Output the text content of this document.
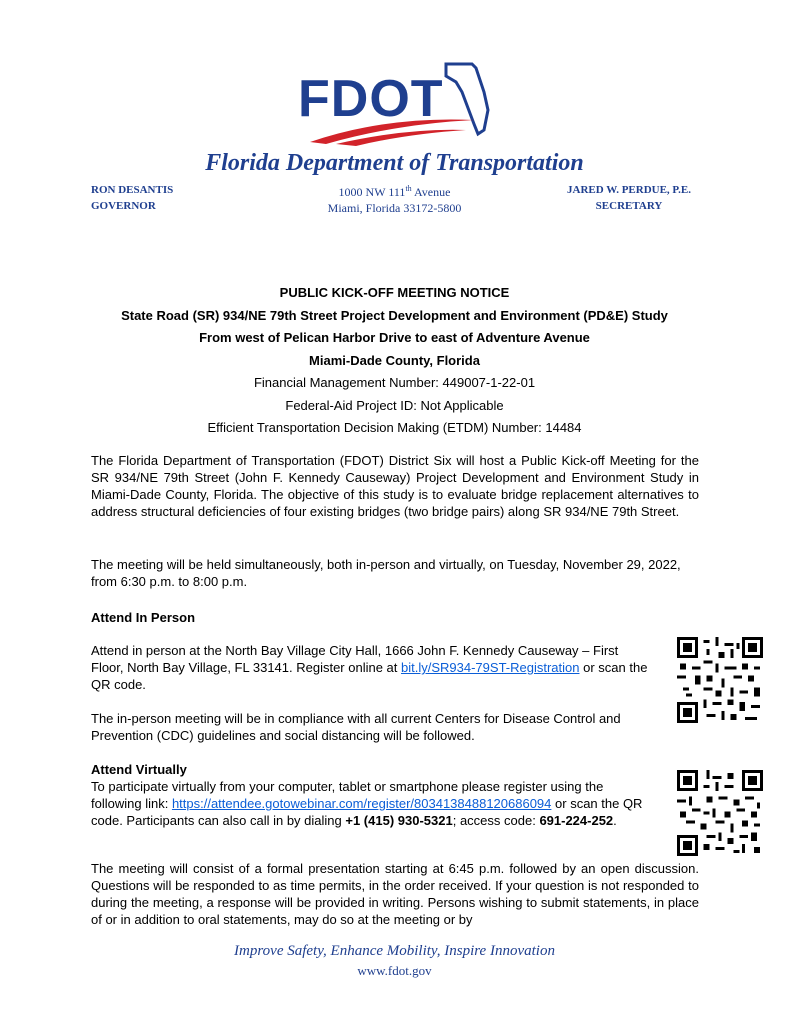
FDOT
Florida Department of Transportation
RON DESANTIS
GOVERNOR
1000 NW 111th Avenue
Miami, Florida 33172-5800
JARED W. PERDUE, P.E.
SECRETARY
PUBLIC KICK-OFF MEETING NOTICE
State Road (SR) 934/NE 79th Street Project Development and Environment (PD&E) Study
From west of Pelican Harbor Drive to east of Adventure Avenue
Miami-Dade County, Florida
Financial Management Number: 449007-1-22-01
Federal-Aid Project ID: Not Applicable
Efficient Transportation Decision Making (ETDM) Number: 14484
The Florida Department of Transportation (FDOT) District Six will host a Public Kick-off Meeting for the SR 934/NE 79th Street (John F. Kennedy Causeway) Project Development and Environment Study in Miami-Dade County, Florida. The objective of this study is to evaluate bridge replacement alternatives to address structural deficiencies of four existing bridges (two bridge pairs) along SR 934/NE 79th Street.
The meeting will be held simultaneously, both in-person and virtually, on Tuesday, November 29, 2022, from 6:30 p.m. to 8:00 p.m.
Attend In Person
Attend in person at the North Bay Village City Hall, 1666 John F. Kennedy Causeway – First Floor, North Bay Village, FL 33141. Register online at bit.ly/SR934-79ST-Registration or scan the QR code.
The in-person meeting will be in compliance with all current Centers for Disease Control and Prevention (CDC) guidelines and social distancing will be followed.
Attend Virtually
To participate virtually from your computer, tablet or smartphone please register using the following link: https://attendee.gotowebinar.com/register/8034138488120686094 or scan the QR code. Participants can also call in by dialing +1 (415) 930-5321; access code: 691-224-252.
The meeting will consist of a formal presentation starting at 6:45 p.m. followed by an open discussion. Questions will be responded to as time permits, in the order received. If your question is not responded to during the meeting, a response will be provided in writing. Persons wishing to submit statements, in place of or in addition to oral statements, may do so at the meeting or by
Improve Safety, Enhance Mobility, Inspire Innovation
www.fdot.gov
